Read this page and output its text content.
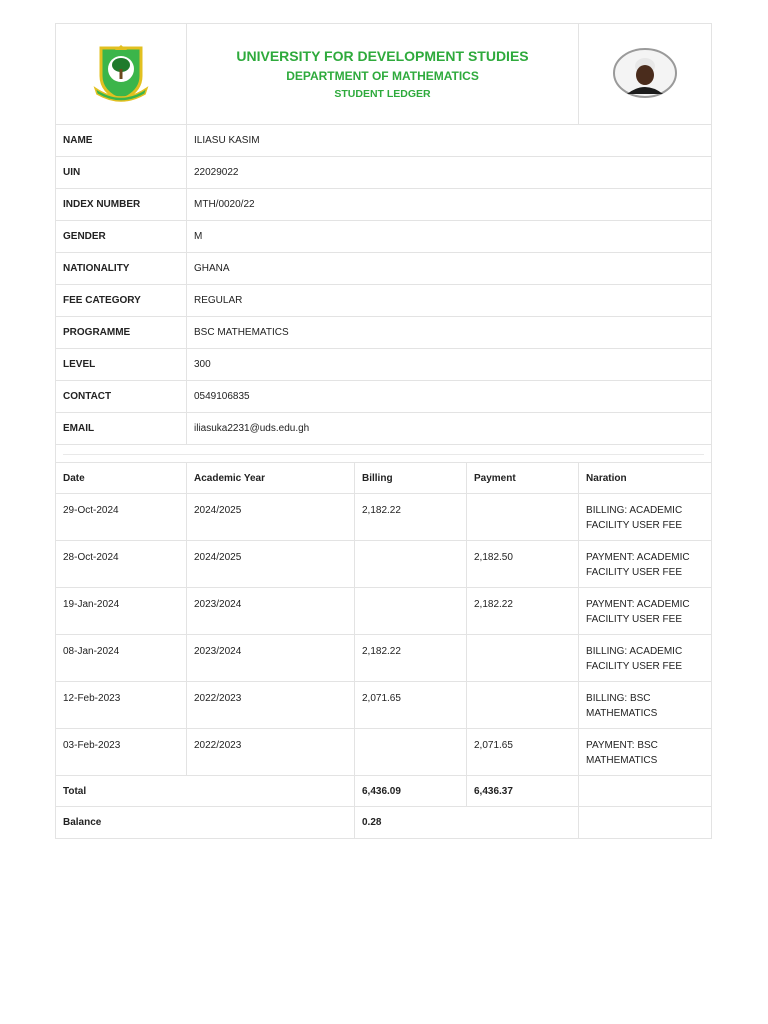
UNIVERSITY FOR DEVELOPMENT STUDIES
DEPARTMENT OF MATHEMATICS
STUDENT LEDGER

NAME	ILIASU KASIM			
UIN	22029022			
INDEX NUMBER	MTH/0020/22			
GENDER	M			
NATIONALITY	GHANA			
FEE CATEGORY	REGULAR			
PROGRAMME	BSC MATHEMATICS			
LEVEL	300			
CONTACT	0549106835			
EMAIL	iliasuka2231@uds.edu.gh			

Date	Academic Year	Billing	Payment	Naration
29-Oct-2024	2024/2025	2,182.22		BILLING: ACADEMIC FACILITY USER FEE
28-Oct-2024	2024/2025		2,182.50	PAYMENT: ACADEMIC FACILITY USER FEE
19-Jan-2024	2023/2024		2,182.22	PAYMENT: ACADEMIC FACILITY USER FEE
08-Jan-2024	2023/2024	2,182.22		BILLING: ACADEMIC FACILITY USER FEE
12-Feb-2023	2022/2023	2,071.65		BILLING: BSC MATHEMATICS
03-Feb-2023	2022/2023		2,071.65	PAYMENT: BSC MATHEMATICS
Total		6,436.09	6,436.37	
Balance		0.28		
